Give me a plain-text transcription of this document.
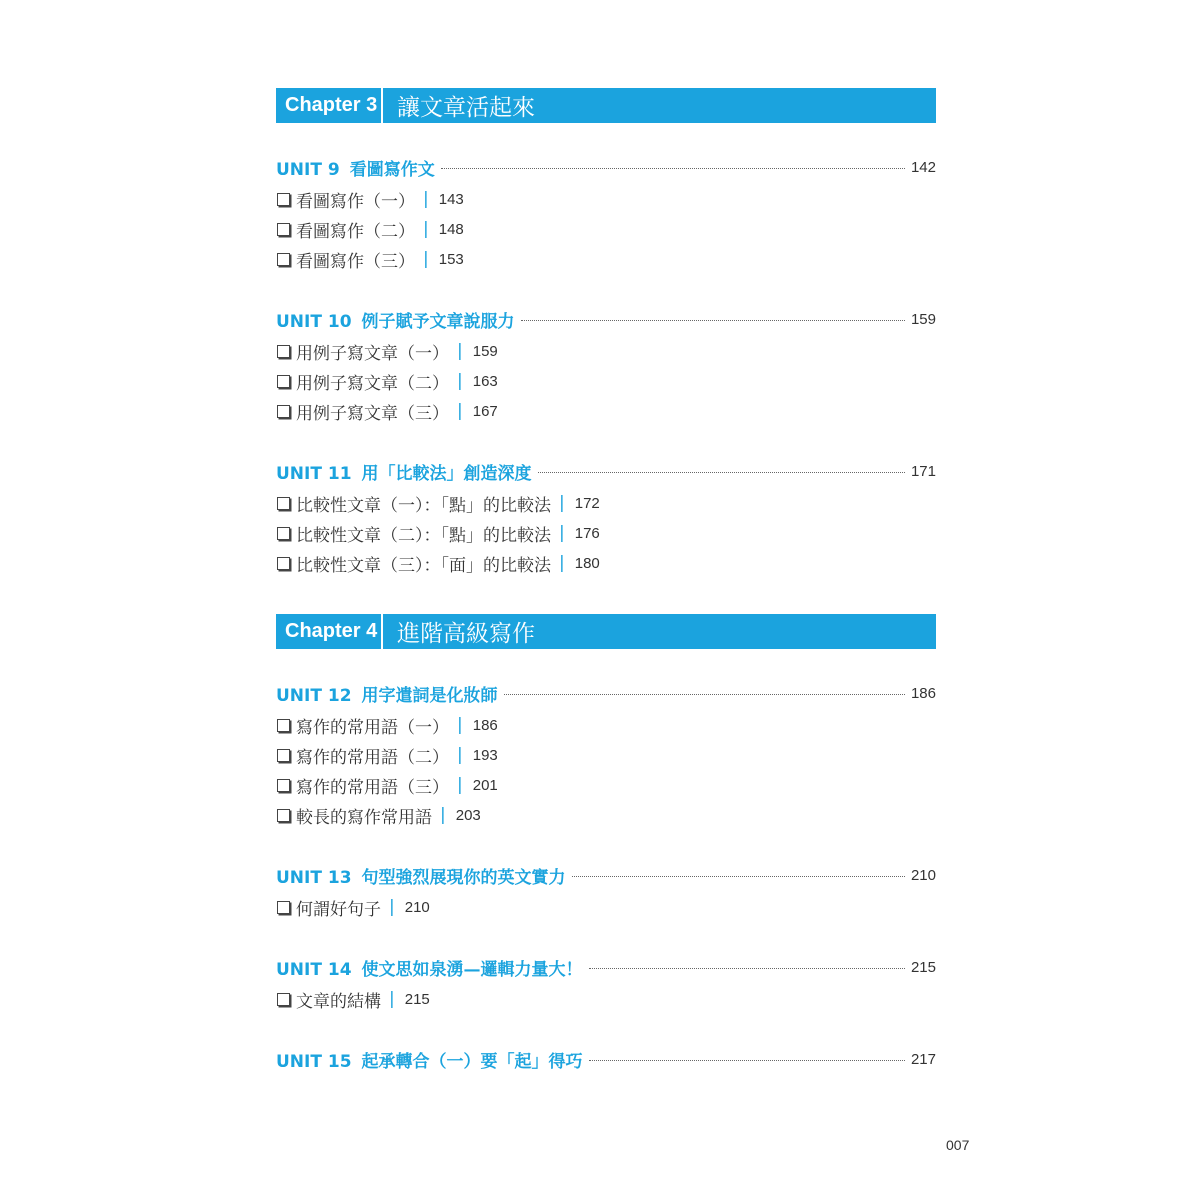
Chapter 3 讓文章活起來
UNIT 9 看圖寫作文	142
看圖寫作（一） | 143
看圖寫作（二） | 148
看圖寫作（三） | 153
UNIT 10 例子賦予文章說服力	159
用例子寫文章（一） | 159
用例子寫文章（二） | 163
用例子寫文章（三） | 167
UNIT 11 用「比較法」創造深度	171
比較性文章（一）：「點」的比較法 | 172
比較性文章（二）：「點」的比較法 | 176
比較性文章（三）：「面」的比較法 | 180
Chapter 4 進階高級寫作
UNIT 12 用字遣詞是化妝師	186
寫作的常用語（一） | 186
寫作的常用語（二） | 193
寫作的常用語（三） | 201
較長的寫作常用語 | 203
UNIT 13 句型強烈展現你的英文實力	210
何謂好句子 | 210
UNIT 14 使文思如泉湧—邏輯力量大！	215
文章的結構 | 215
UNIT 15 起承轉合（一）要「起」得巧	217
007
